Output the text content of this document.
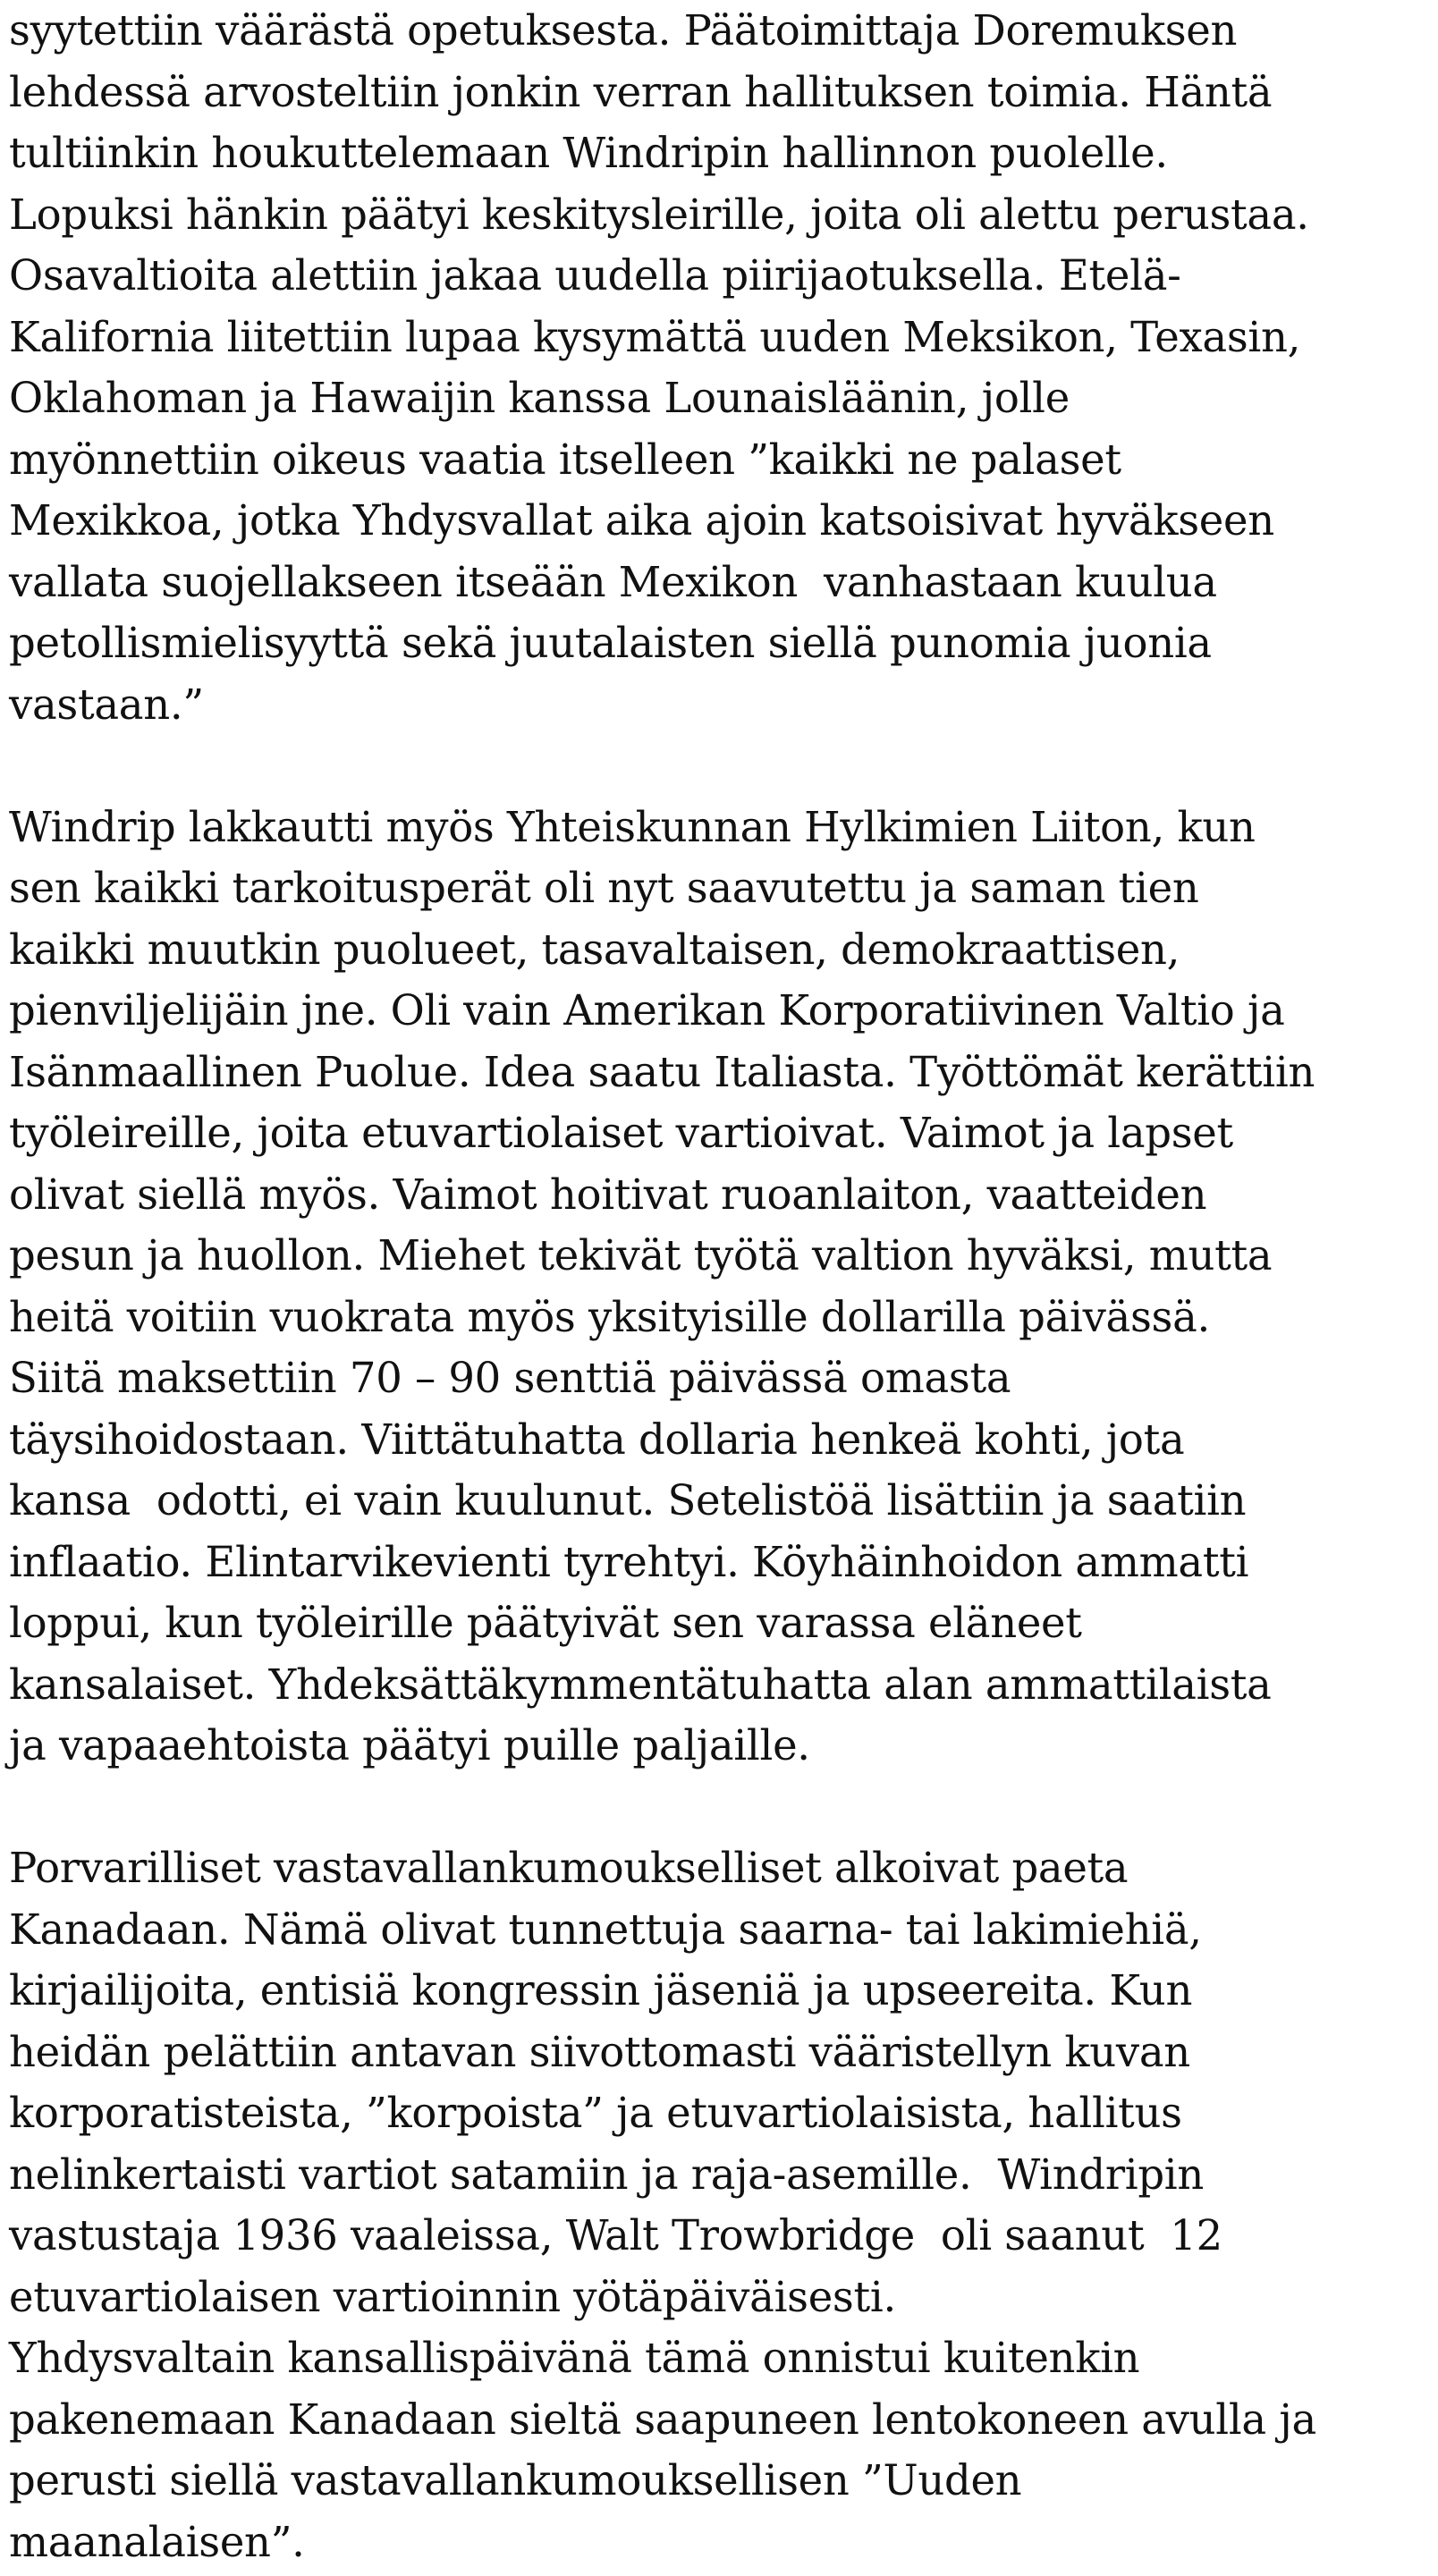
syytettiin väärästä opetuksesta. Päätoimittaja Doremuksen
lehdessä arvosteltiin jonkin verran hallituksen toimia. Häntä
tultiinkin houkuttelemaan Windripin hallinnon puolelle.
Lopuksi hänkin päätyi keskitysleirille, joita oli alettu perustaa.
Osavaltioita alettiin jakaa uudella piirijaotuksella. Etelä-
Kalifornia liitettiin lupaa kysymättä uuden Meksikon, Texasin,
Oklahoman ja Hawaijin kanssa Lounaisläänin, jolle
myönnettiin oikeus vaatia itselleen ”kaikki ne palaset
Mexikkoa, jotka Yhdysvallat aika ajoin katsoisivat hyväkseen
vallata suojellakseen itseään Mexikon  vanhastaan kuulua
petollismielisyyttä sekä juutalaisten siellä punomia juonia
vastaan.”
Windrip lakkautti myös Yhteiskunnan Hylkimien Liiton, kun
sen kaikki tarkoitusperät oli nyt saavutettu ja saman tien
kaikki muutkin puolueet, tasavaltaisen, demokraattisen,
pienviljelijäin jne. Oli vain Amerikan Korporatiivinen Valtio ja
Isänmaallinen Puolue. Idea saatu Italiasta. Työttömät kerättiin
työleireille, joita etuvartiolaiset vartioivat. Vaimot ja lapset
olivat siellä myös. Vaimot hoitivat ruoanlaiton, vaatteiden
pesun ja huollon. Miehet tekivät työtä valtion hyväksi, mutta
heitä voitiin vuokrata myös yksityisille dollarilla päivässä.
Siitä maksettiin 70 – 90 senttiä päivässä omasta
täysihoidostaan. Viittätuhatta dollaria henkeä kohti, jota
kansa  odotti, ei vain kuulunut. Setelistöä lisättiin ja saatiin
inflaatio. Elintarvikevienti tyrehtyi. Köyhäinhoidon ammatti
loppui, kun työleirille päätyivät sen varassa eläneet
kansalaiset. Yhdeksättäkymmentätuhatta alan ammattilaista
ja vapaaehtoista päätyi puille paljaille.
Porvarilliset vastavallankumoukselliset alkoivat paeta
Kanadaan. Nämä olivat tunnettuja saarna- tai lakimiehiä,
kirjailijoita, entisiä kongressin jäseniä ja upseereita. Kun
heidän pelättiin antavan siivottomasti vääristellyn kuvan
korporatisteista, ”korpoista” ja etuvartiolaisista, hallitus
nelinkertaisti vartiot satamiin ja raja-asemille.  Windripin
vastustaja 1936 vaaleissa, Walt Trowbridge  oli saanut  12
etuvartiolaisen vartioinnin yötäpäiväisesti.
Yhdysvaltain kansallispäivänä tämä onnistui kuitenkin
pakenemaan Kanadaan sieltä saapuneen lentokoneen avulla ja
perusti siellä vastavallankumouksellisen ”Uuden
maanalaisen”.
